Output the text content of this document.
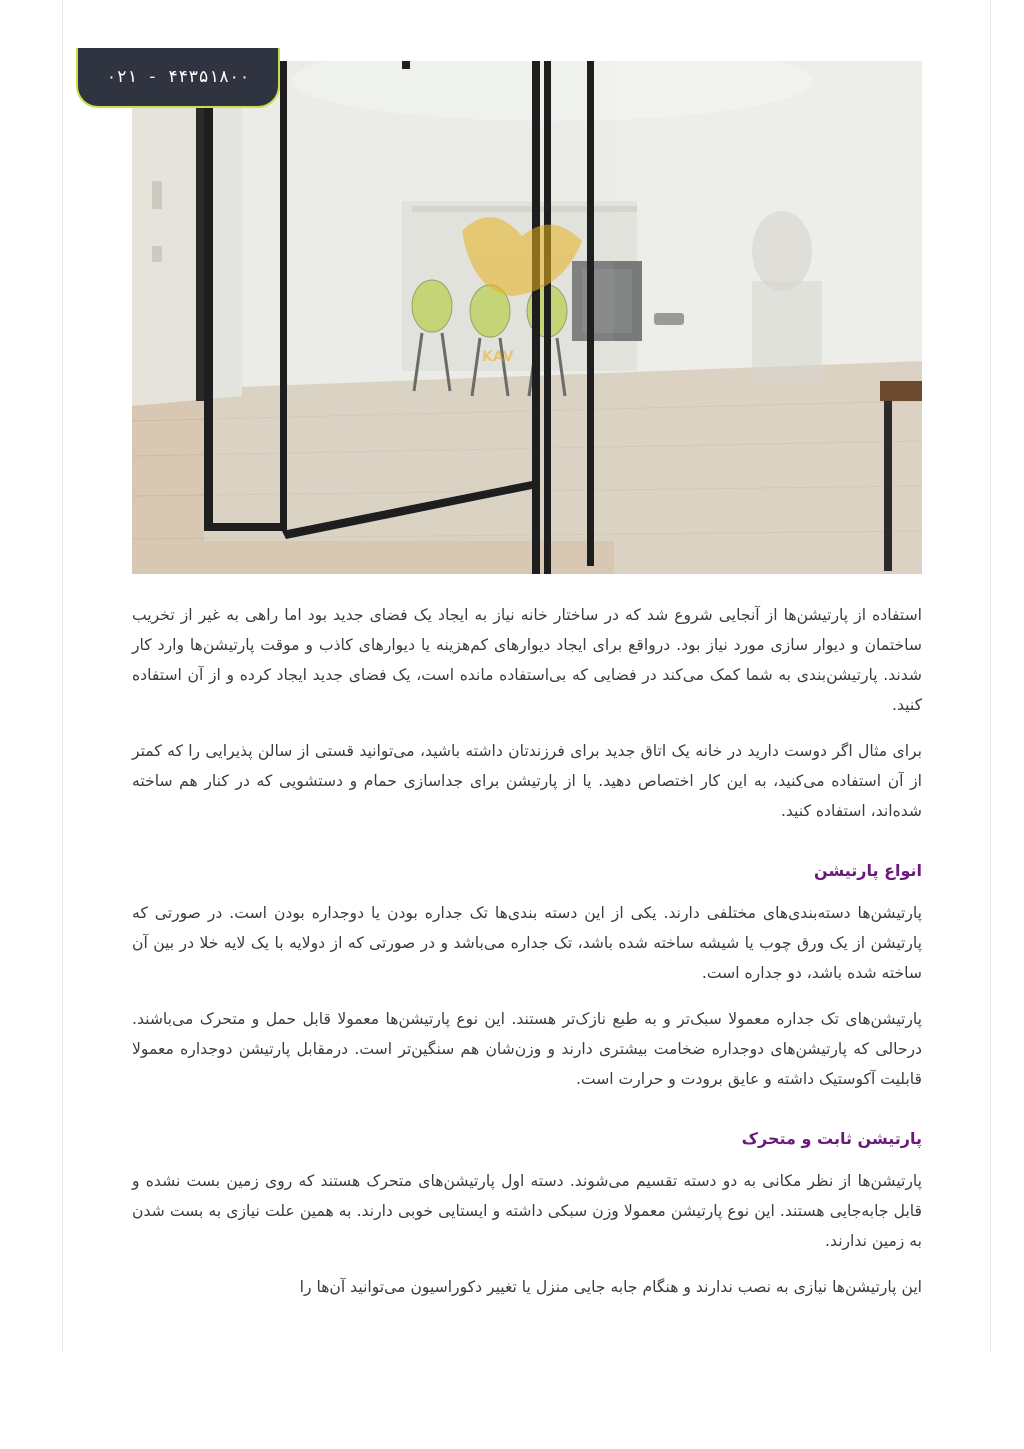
۰۲۱ - ۴۴۳۵۱۸۰۰
KAV

استفاده از پارتیشن‌ها از آنجایی شروع شد که در ساختار خانه نیاز به ایجاد یک فضای جدید بود اما راهی به غیر از تخریب ساختمان و دیوار سازی مورد نیاز بود. درواقع برای ایجاد دیوارهای کم‌هزینه یا دیوارهای کاذب و موقت پارتیشن‌ها وارد کار شدند. پارتیشن‌بندی به شما کمک می‌کند در فضایی که بی‌استفاده مانده است، یک فضای جدید ایجاد کرده و از آن استفاده کنید.

برای مثال اگر دوست دارید در خانه یک اتاق جدید برای فرزندتان داشته باشید، می‌توانید قستی از سالن پذیرایی را که کمتر از آن استفاده می‌کنید، به این کار اختصاص دهید. یا از پارتیشن برای جداسازی حمام و دستشویی که در کنار هم ساخته شده‌اند، استفاده کنید.

انواع پارتیشن

پارتیشن‌ها دسته‌بندی‌های مختلفی دارند. یکی از این دسته بندی‌ها تک جداره بودن یا دوجداره بودن است. در صورتی که پارتیشن از یک ورق چوب یا شیشه ساخته شده باشد، تک جداره می‌باشد و در صورتی که از دولایه با یک لایه خلا در بین آن ساخته شده باشد، دو جداره است.

پارتیشن‌های تک جداره معمولا سبک‌تر و به طبع نازک‌تر هستند. این نوع پارتیشن‌ها معمولا قابل حمل و متحرک می‌باشند. درحالی که پارتیشن‌های دوجداره ضخامت بیشتری دارند و وزن‌شان هم سنگین‌تر است. درمقابل پارتیشن دوجداره معمولا قابلیت آکوستیک داشته و عایق برودت و حرارت است.

پارتیشن ثابت و متحرک

پارتیشن‌ها از نظر مکانی به دو دسته تقسیم می‌شوند. دسته اول پارتیشن‌های متحرک هستند که روی زمین بست نشده و قابل جابه‌جایی هستند. این نوع پارتیشن معمولا وزن سبکی داشته و ایستایی خوبی دارند. به همین علت نیازی به بست شدن به زمین ندارند.

این پارتیشن‌ها نیازی به نصب ندارند و هنگام جابه جایی منزل یا تغییر دکوراسیون می‌توانید آن‌ها را
